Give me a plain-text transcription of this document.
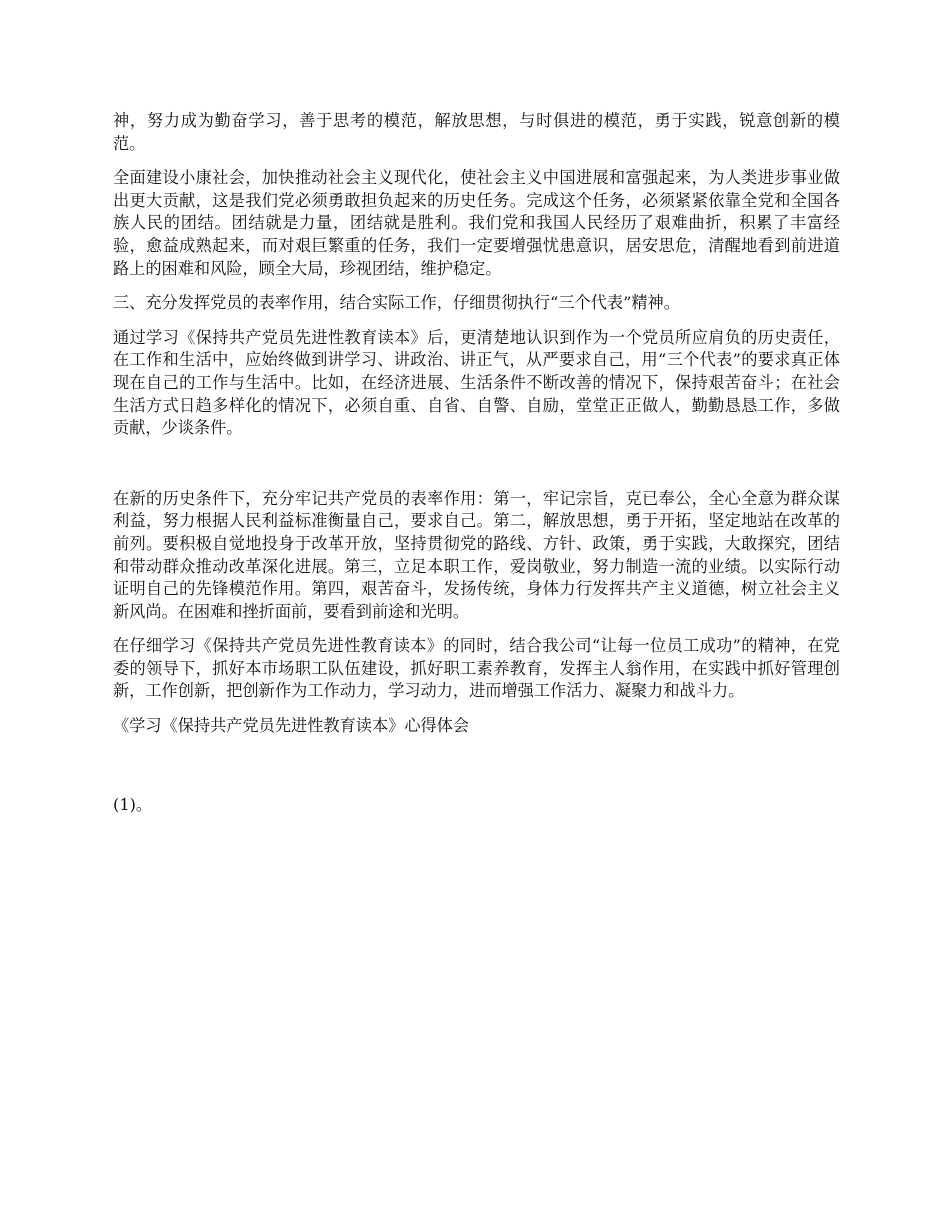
神，努力成为勤奋学习，善于思考的模范，解放思想，与时俱进的模范，勇于实践，锐意创新的模范。

全面建设小康社会，加快推动社会主义现代化，使社会主义中国进展和富强起来，为人类进步事业做出更大贡献，这是我们党必须勇敢担负起来的历史任务。完成这个任务，必须紧紧依靠全党和全国各族人民的团结。团结就是力量，团结就是胜利。我们党和我国人民经历了艰难曲折，积累了丰富经验，愈益成熟起来，而对艰巨繁重的任务，我们一定要增强忧患意识，居安思危，清醒地看到前进道路上的困难和风险，顾全大局，珍视团结，维护稳定。

三、充分发挥党员的表率作用，结合实际工作，仔细贯彻执行“三个代表”精神。

通过学习《保持共产党员先进性教育读本》后，更清楚地认识到作为一个党员所应肩负的历史责任，在工作和生活中，应始终做到讲学习、讲政治、讲正气，从严要求自己，用“三个代表”的要求真正体现在自己的工作与生活中。比如，在经济进展、生活条件不断改善的情况下，保持艰苦奋斗；在社会生活方式日趋多样化的情况下，必须自重、自省、自警、自励，堂堂正正做人，勤勤恳恳工作，多做贡献，少谈条件。

在新的历史条件下，充分牢记共产党员的表率作用：第一，牢记宗旨，克已奉公，全心全意为群众谋利益，努力根据人民利益标准衡量自己，要求自己。第二，解放思想，勇于开拓，坚定地站在改革的前列。要积极自觉地投身于改革开放，坚持贯彻党的路线、方针、政策，勇于实践，大敢探究，团结和带动群众推动改革深化进展。第三，立足本职工作，爱岗敬业，努力制造一流的业绩。以实际行动证明自己的先锋模范作用。第四，艰苦奋斗，发扬传统，身体力行发挥共产主义道德，树立社会主义新风尚。在困难和挫折面前，要看到前途和光明。

在仔细学习《保持共产党员先进性教育读本》的同时，结合我公司“让每一位员工成功”的精神，在党委的领导下，抓好本市场职工队伍建设，抓好职工素养教育，发挥主人翁作用，在实践中抓好管理创新，工作创新，把创新作为工作动力，学习动力，进而增强工作活力、凝聚力和战斗力。

《学习《保持共产党员先进性教育读本》心得体会

(1)。
